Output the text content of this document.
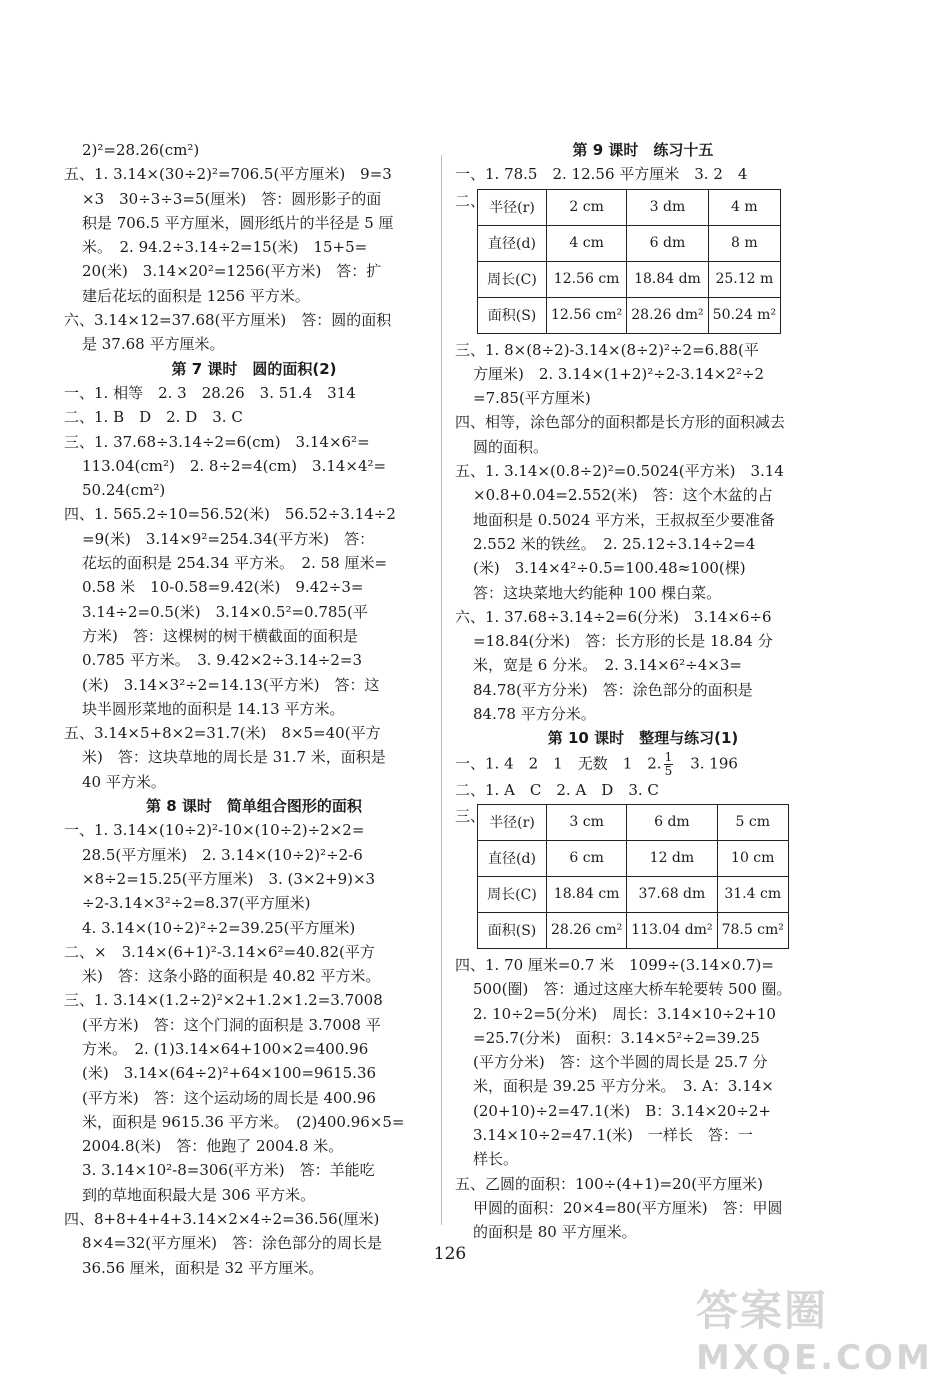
2)²=28.26(cm²)
五、1. 3.14×(30÷2)²=706.5(平方厘米)　9=3
×3　30÷3÷3=5(厘米)　答：圆形影子的面
积是 706.5 平方厘米，圆形纸片的半径是 5 厘
米。　2. 94.2÷3.14÷2=15(米)　15+5=
20(米)　3.14×20²=1256(平方米)　答：扩
建后花坛的面积是 1256 平方米。
六、3.14×12=37.68(平方厘米)　答：圆的面积
是 37.68 平方厘米。
第 7 课时　圆的面积(2)
一、1. 相等　2. 3　28.26　3. 51.4　314
二、1. B　D　2. D　3. C
三、1. 37.68÷3.14÷2=6(cm)　3.14×6²=
113.04(cm²)　2. 8÷2=4(cm)　3.14×4²=
50.24(cm²)
四、1. 565.2÷10=56.52(米)　56.52÷3.14÷2
=9(米)　3.14×9²=254.34(平方米)　答：
花坛的面积是 254.34 平方米。　2. 58 厘米=
0.58 米　10-0.58=9.42(米)　9.42÷3=
3.14÷2=0.5(米)　3.14×0.5²=0.785(平
方米)　答：这棵树的树干横截面的面积是
0.785 平方米。　3. 9.42×2÷3.14÷2=3
(米)　3.14×3²÷2=14.13(平方米)　答：这
块半圆形菜地的面积是 14.13 平方米。
五、3.14×5+8×2=31.7(米)　8×5=40(平方
米)　答：这块草地的周长是 31.7 米，面积是
40 平方米。
第 8 课时　简单组合图形的面积
一、1. 3.14×(10÷2)²-10×(10÷2)÷2×2=
28.5(平方厘米)　2. 3.14×(10÷2)²÷2-6
×8÷2=15.25(平方厘米)　3. (3×2+9)×3
÷2-3.14×3²÷2=8.37(平方厘米)
4. 3.14×(10÷2)²÷2=39.25(平方厘米)
二、×　3.14×(6+1)²-3.14×6²=40.82(平方
米)　答：这条小路的面积是 40.82 平方米。
三、1. 3.14×(1.2÷2)²×2+1.2×1.2=3.7008
(平方米)　答：这个门洞的面积是 3.7008 平
方米。　2. (1)3.14×64+100×2=400.96
(米)　3.14×(64÷2)²+64×100=9615.36
(平方米)　答：这个运动场的周长是 400.96
米，面积是 9615.36 平方米。　(2)400.96×5=
2004.8(米)　答：他跑了 2004.8 米。
3. 3.14×10²-8=306(平方米)　答：羊能吃
到的草地面积最大是 306 平方米。
四、8+8+4+4+3.14×2×4÷2=36.56(厘米)
8×4=32(平方厘米)　答：涂色部分的周长是
36.56 厘米，面积是 32 平方厘米。
第 9 课时　练习十五
一、1. 78.5　2. 12.56 平方厘米　3. 2　4
二、 半径(r)	2 cm	3 dm	4 m
直径(d)	4 cm	6 dm	8 m
周长(C)	12.56 cm	18.84 dm	25.12 m
面积(S)	12.56 cm²	28.26 dm²	50.24 m²
三、1. 8×(8÷2)-3.14×(8÷2)²÷2=6.88(平
方厘米)　2. 3.14×(1+2)²÷2-3.14×2²÷2
=7.85(平方厘米)
四、相等，涂色部分的面积都是长方形的面积减去
圆的面积。
五、1. 3.14×(0.8÷2)²=0.5024(平方米)　3.14
×0.8+0.04=2.552(米)　答：这个木盆的占
地面积是 0.5024 平方米，王叔叔至少要准备
2.552 米的铁丝。　2. 25.12÷3.14÷2=4
(米)　3.14×4²÷0.5=100.48≈100(棵)
答：这块菜地大约能种 100 棵白菜。
六、1. 37.68÷3.14÷2=6(分米)　3.14×6÷6
=18.84(分米)　答：长方形的长是 18.84 分
米，宽是 6 分米。　2. 3.14×6²÷4×3=
84.78(平方分米)　答：涂色部分的面积是
84.78 平方分米。
第 10 课时　整理与练习(1)
一、1. 4　2　1　无数　1　2. $\frac{1}{5}$ 　3. 196
二、1. A　C　2. A　D　3. C
三、 半径(r)	3 cm	6 dm	5 cm
直径(d)	6 cm	12 dm	10 cm
周长(C)	18.84 cm	37.68 dm	31.4 cm
面积(S)	28.26 cm²	113.04 dm²	78.5 cm²
四、1. 70 厘米=0.7 米　1099÷(3.14×0.7)=
500(圈)　答：通过这座大桥车轮要转 500 圈。
2. 10÷2=5(分米)　周长：3.14×10÷2+10
=25.7(分米)　面积：3.14×5²÷2=39.25
(平方分米)　答：这个半圆的周长是 25.7 分
米，面积是 39.25 平方分米。　3. A：3.14×
(20+10)÷2=47.1(米)　B：3.14×20÷2+
3.14×10÷2=47.1(米)　一样长　答：一
样长。
五、乙圆的面积：100÷(4+1)=20(平方厘米)
甲圆的面积：20×4=80(平方厘米)　答：甲圆
的面积是 80 平方厘米。
126
答案圈
MXQE.COM
